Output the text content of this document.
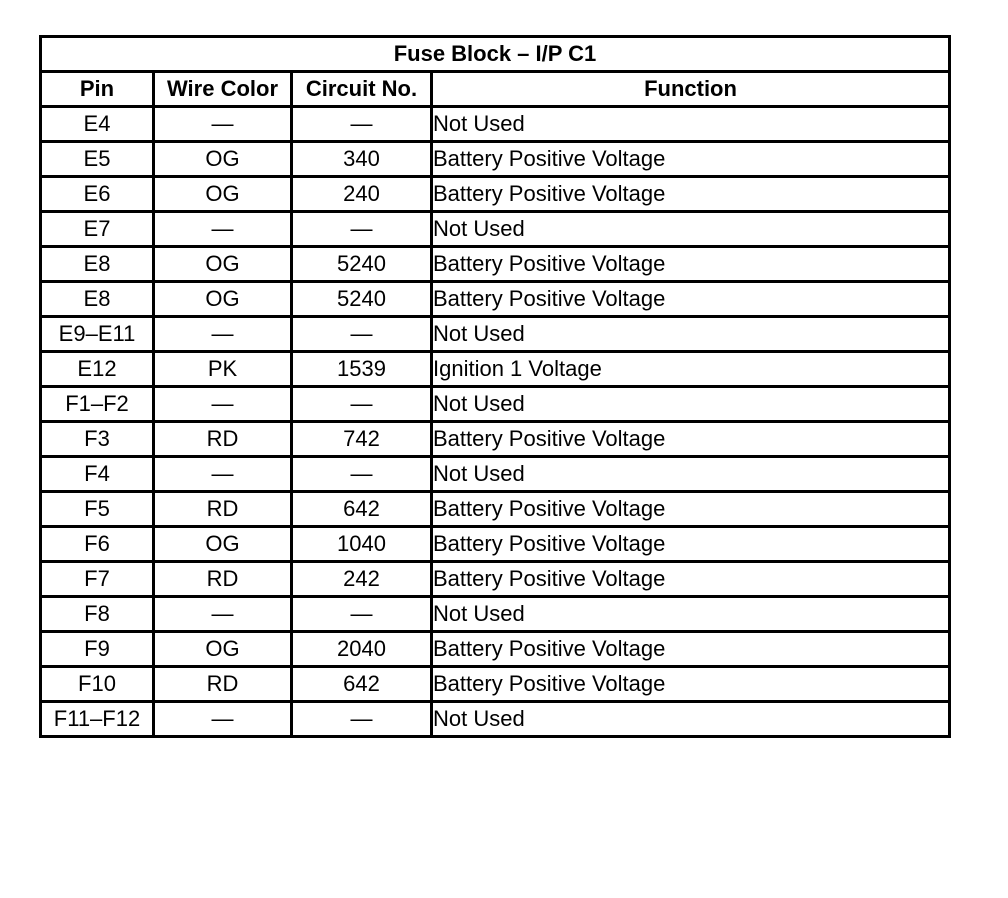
Fuse Block – I/P C1			
Pin	Wire Color	Circuit No.	Function
E4	—	—	Not Used
E5	OG	340	Battery Positive Voltage
E6	OG	240	Battery Positive Voltage
E7	—	—	Not Used
E8	OG	5240	Battery Positive Voltage
E8	OG	5240	Battery Positive Voltage
E9–E11	—	—	Not Used
E12	PK	1539	Ignition 1 Voltage
F1–F2	—	—	Not Used
F3	RD	742	Battery Positive Voltage
F4	—	—	Not Used
F5	RD	642	Battery Positive Voltage
F6	OG	1040	Battery Positive Voltage
F7	RD	242	Battery Positive Voltage
F8	—	—	Not Used
F9	OG	2040	Battery Positive Voltage
F10	RD	642	Battery Positive Voltage
F11–F12	—	—	Not Used
